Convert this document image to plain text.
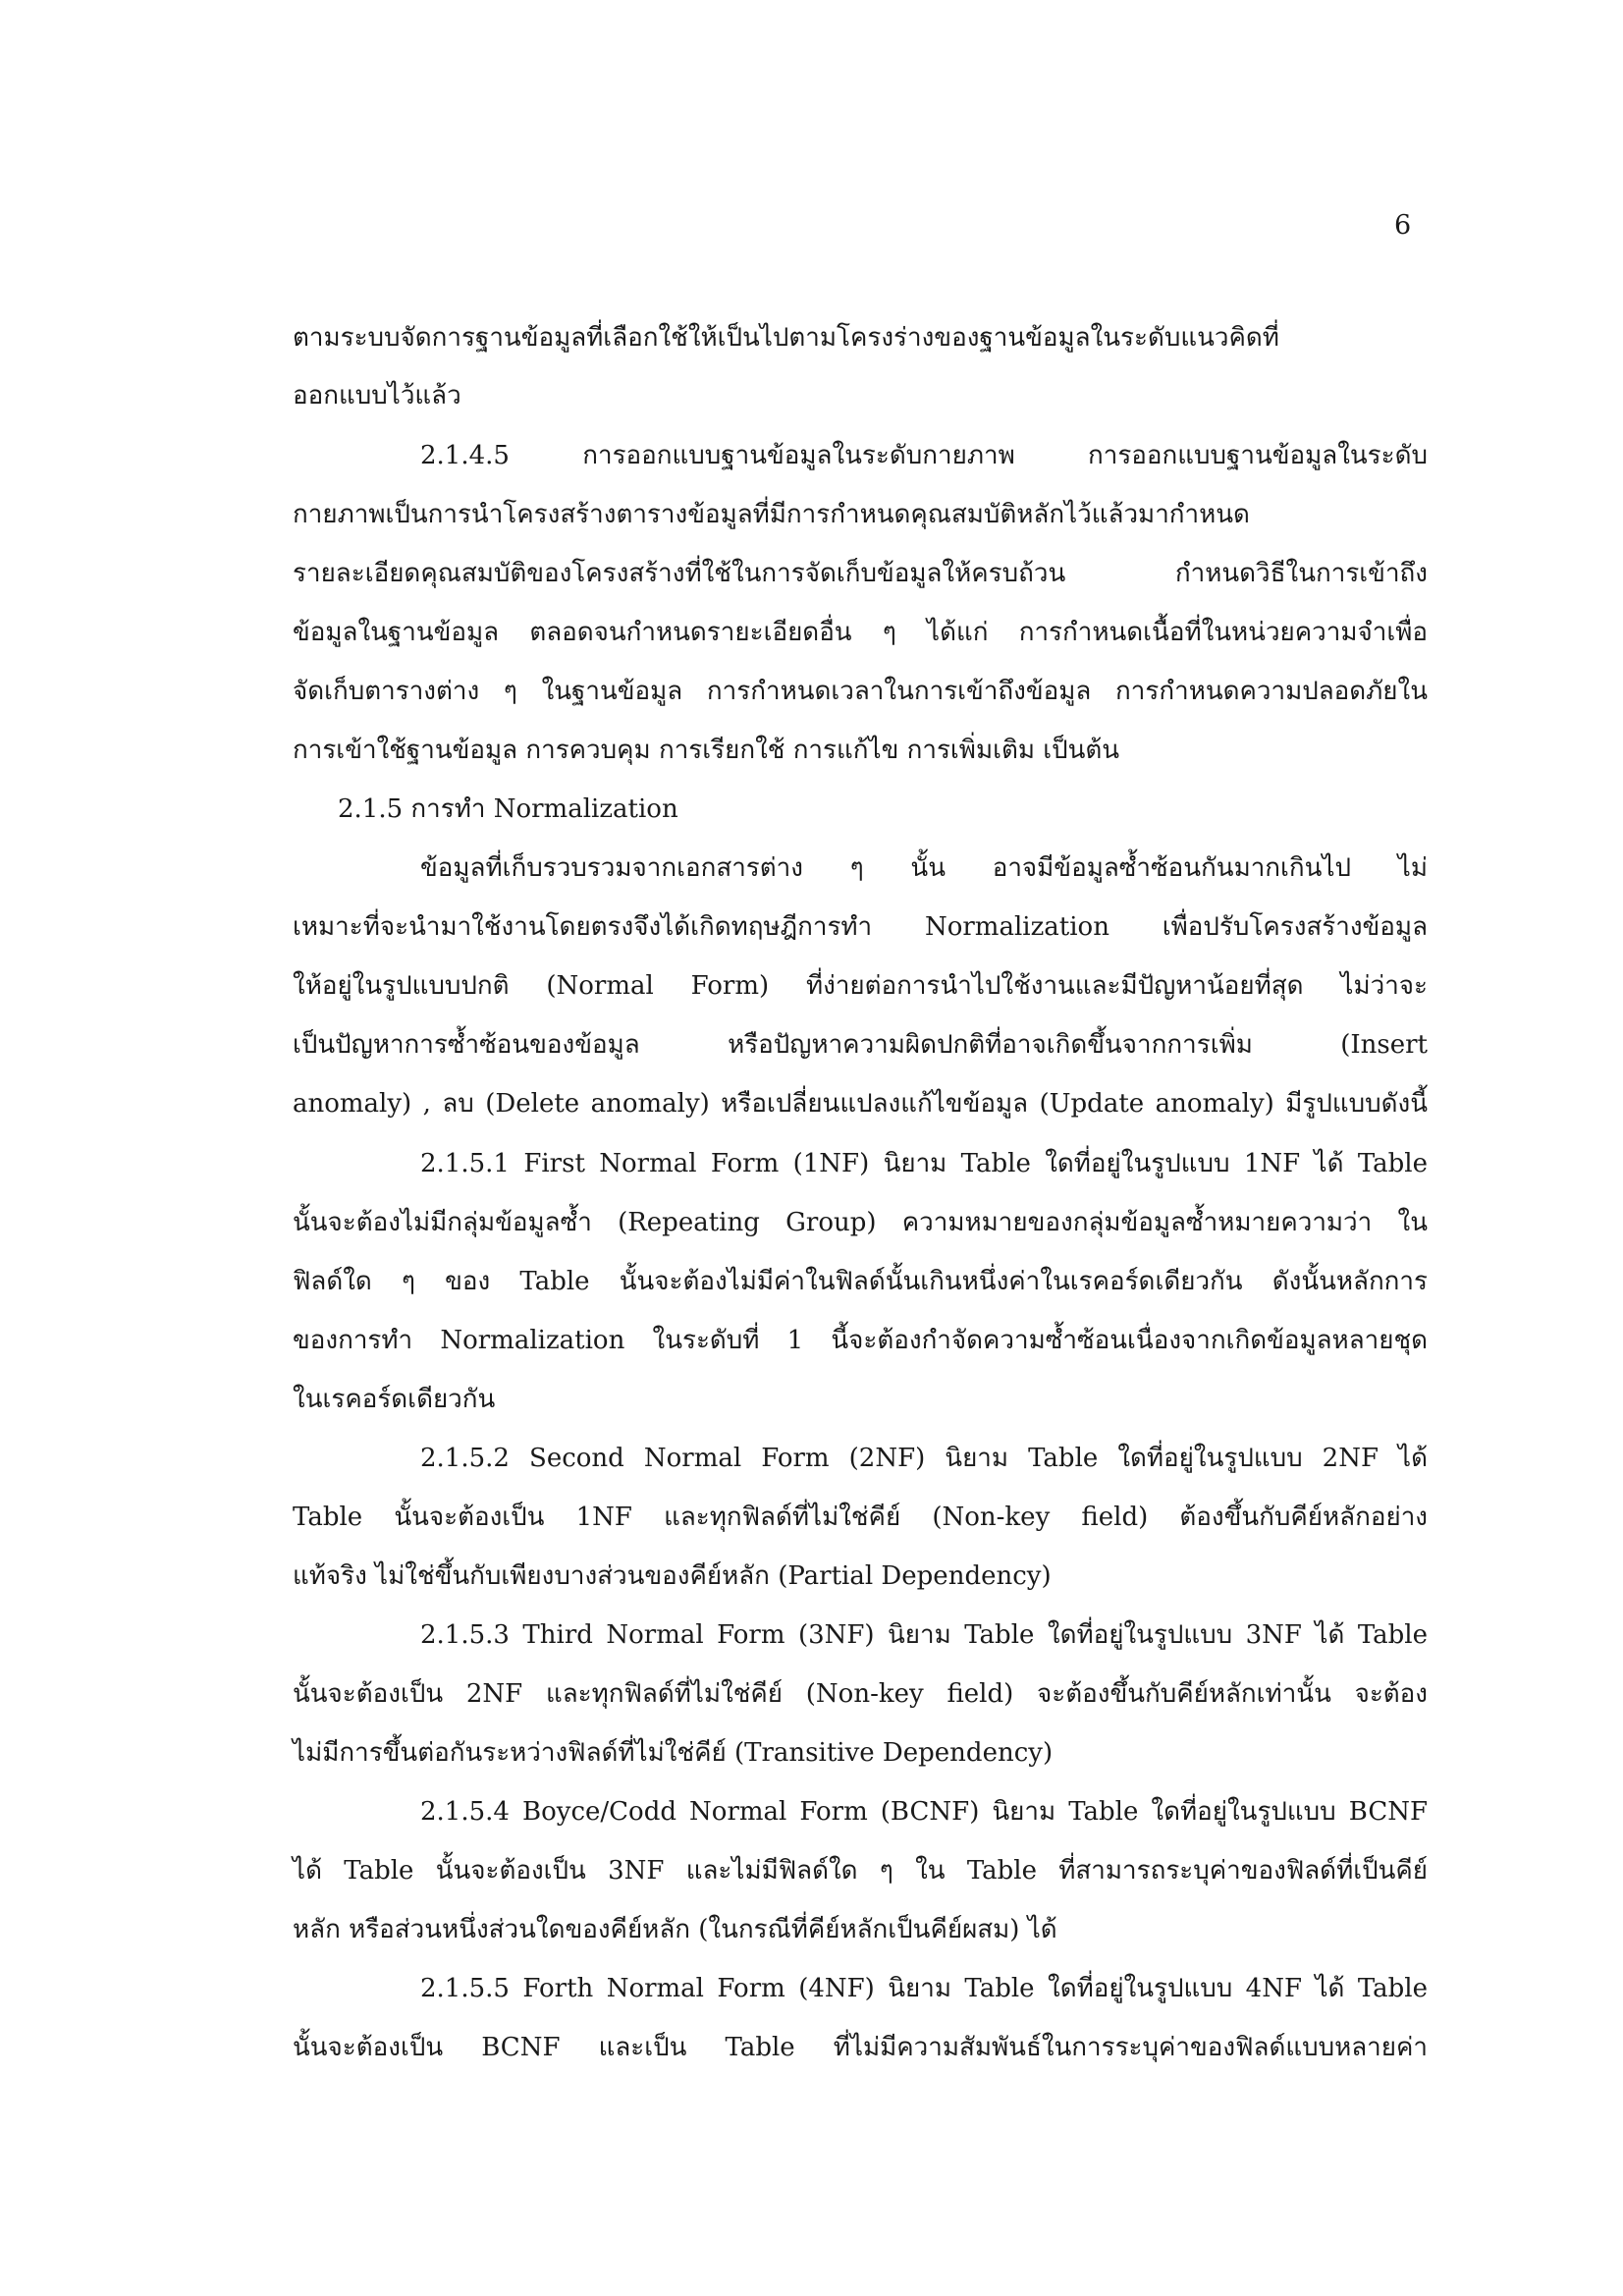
6
ตามระบบจัดการฐานข้อมูลที่เลือกใช้ให้เป็นไปตามโครงร่างของฐานข้อมูลในระดับแนวคิดที่
ออกแบบไว้แล้ว
2.1.4.5 การออกแบบฐานข้อมูลในระดับกายภาพ การออกแบบฐานข้อมูลในระดับ
กายภาพเป็นการนำโครงสร้างตารางข้อมูลที่มีการกำหนดคุณสมบัติหลักไว้แล้วมากำหนด
รายละเอียดคุณสมบัติของโครงสร้างที่ใช้ในการจัดเก็บข้อมูลให้ครบถ้วน กำหนดวิธีในการเข้าถึง
ข้อมูลในฐานข้อมูล ตลอดจนกำหนดรายะเอียดอื่น ๆ ได้แก่ การกำหนดเนื้อที่ในหน่วยความจำเพื่อ
จัดเก็บตารางต่าง ๆ ในฐานข้อมูล การกำหนดเวลาในการเข้าถึงข้อมูล การกำหนดความปลอดภัยใน
การเข้าใช้ฐานข้อมูล การควบคุม การเรียกใช้ การแก้ไข การเพิ่มเติม เป็นต้น
2.1.5 การทำ Normalization
ข้อมูลที่เก็บรวบรวมจากเอกสารต่าง ๆ นั้น อาจมีข้อมูลซ้ำซ้อนกันมากเกินไป ไม่
เหมาะที่จะนำมาใช้งานโดยตรงจึงได้เกิดทฤษฎีการทำ Normalization เพื่อปรับโครงสร้างข้อมูล
ให้อยู่ในรูปแบบปกติ (Normal Form) ที่ง่ายต่อการนำไปใช้งานและมีปัญหาน้อยที่สุด ไม่ว่าจะ
เป็นปัญหาการซ้ำซ้อนของข้อมูล หรือปัญหาความผิดปกติที่อาจเกิดขึ้นจากการเพิ่ม (Insert
anomaly) , ลบ (Delete anomaly) หรือเปลี่ยนแปลงแก้ไขข้อมูล (Update anomaly) มีรูปแบบดังนี้
2.1.5.1 First Normal Form (1NF) นิยาม Table ใดที่อยู่ในรูปแบบ 1NF ได้ Table
นั้นจะต้องไม่มีกลุ่มข้อมูลซ้ำ (Repeating Group) ความหมายของกลุ่มข้อมูลซ้ำหมายความว่า ใน
ฟิลด์ใด ๆ ของ Table นั้นจะต้องไม่มีค่าในฟิลด์นั้นเกินหนึ่งค่าในเรคอร์ดเดียวกัน ดังนั้นหลักการ
ของการทำ Normalization ในระดับที่ 1 นี้จะต้องกำจัดความซ้ำซ้อนเนื่องจากเกิดข้อมูลหลายชุด
ในเรคอร์ดเดียวกัน
2.1.5.2 Second Normal Form (2NF) นิยาม Table ใดที่อยู่ในรูปแบบ 2NF ได้
Table นั้นจะต้องเป็น 1NF และทุกฟิลด์ที่ไม่ใช่คีย์ (Non-key field) ต้องขึ้นกับคีย์หลักอย่าง
แท้จริง ไม่ใช่ขึ้นกับเพียงบางส่วนของคีย์หลัก (Partial Dependency)
2.1.5.3 Third Normal Form (3NF) นิยาม Table ใดที่อยู่ในรูปแบบ 3NF ได้ Table
นั้นจะต้องเป็น 2NF และทุกฟิลด์ที่ไม่ใช่คีย์ (Non-key field) จะต้องขึ้นกับคีย์หลักเท่านั้น จะต้อง
ไม่มีการขึ้นต่อกันระหว่างฟิลด์ที่ไม่ใช่คีย์ (Transitive Dependency)
2.1.5.4 Boyce/Codd Normal Form (BCNF) นิยาม Table ใดที่อยู่ในรูปแบบ BCNF
ได้ Table นั้นจะต้องเป็น 3NF และไม่มีฟิลด์ใด ๆ ใน Table ที่สามารถระบุค่าของฟิลด์ที่เป็นคีย์
หลัก หรือส่วนหนึ่งส่วนใดของคีย์หลัก (ในกรณีที่คีย์หลักเป็นคีย์ผสม) ได้
2.1.5.5 Forth Normal Form (4NF) นิยาม Table ใดที่อยู่ในรูปแบบ 4NF ได้ Table
นั้นจะต้องเป็น BCNF และเป็น Table ที่ไม่มีความสัมพันธ์ในการระบุค่าของฟิลด์แบบหลายค่า
